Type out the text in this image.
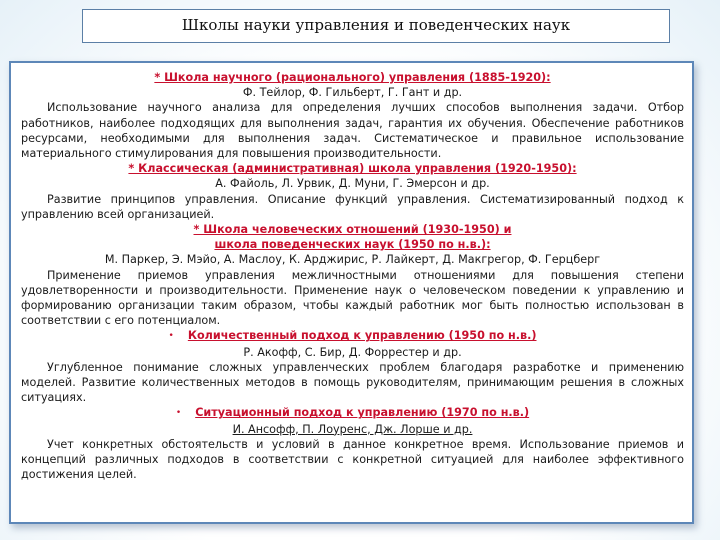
Школы науки управления и поведенческих наук

* Школа научного (рационального) управления (1885-1920):

Ф. Тейлор, Ф. Гильберт, Г. Гант и др.

Использование научного анализа для определения лучших способов выполнения задачи. Отбор работников, наиболее подходящих для выполнения задач, гарантия их обучения. Обеспечение работников ресурсами, необходимыми для выполнения задач. Систематическое и правильное использование материального стимулирования для повышения производительности.

* Классическая (административная) школа управления (1920-1950):

А. Файоль, Л. Урвик, Д. Муни, Г. Эмерсон и др.

Развитие принципов управления. Описание функций управления. Систематизированный подход к управлению всей организацией.

* Школа человеческих отношений (1930-1950) и

школа поведенческих наук (1950 по н.в.):

М. Паркер, Э. Мэйо, А. Маслоу, К. Арджирис, Р. Лайкерт, Д. Макгрегор, Ф. Герцберг

Применение приемов управления межличностными отношениями для повышения степени удовлетворенности и производительности. Применение наук о человеческом поведении к управлению и формированию организации таким образом, чтобы каждый работник мог быть полностью использован в соответствии с его потенциалом.

• Количественный подход к управлению (1950 по н.в.)

Р. Акофф, С. Бир, Д. Форрестер и др.

Углубленное понимание сложных управленческих проблем благодаря разработке и применению моделей. Развитие количественных методов в помощь руководителям, принимающим решения в сложных ситуациях.

• Ситуационный подход к управлению (1970 по н.в.)

И. Ансофф, П. Лоуренс, Дж. Лорше и др.

Учет конкретных обстоятельств и условий в данное конкретное время. Использование приемов и концепций различных подходов в соответствии с конкретной ситуацией для наиболее эффективного достижения целей.
